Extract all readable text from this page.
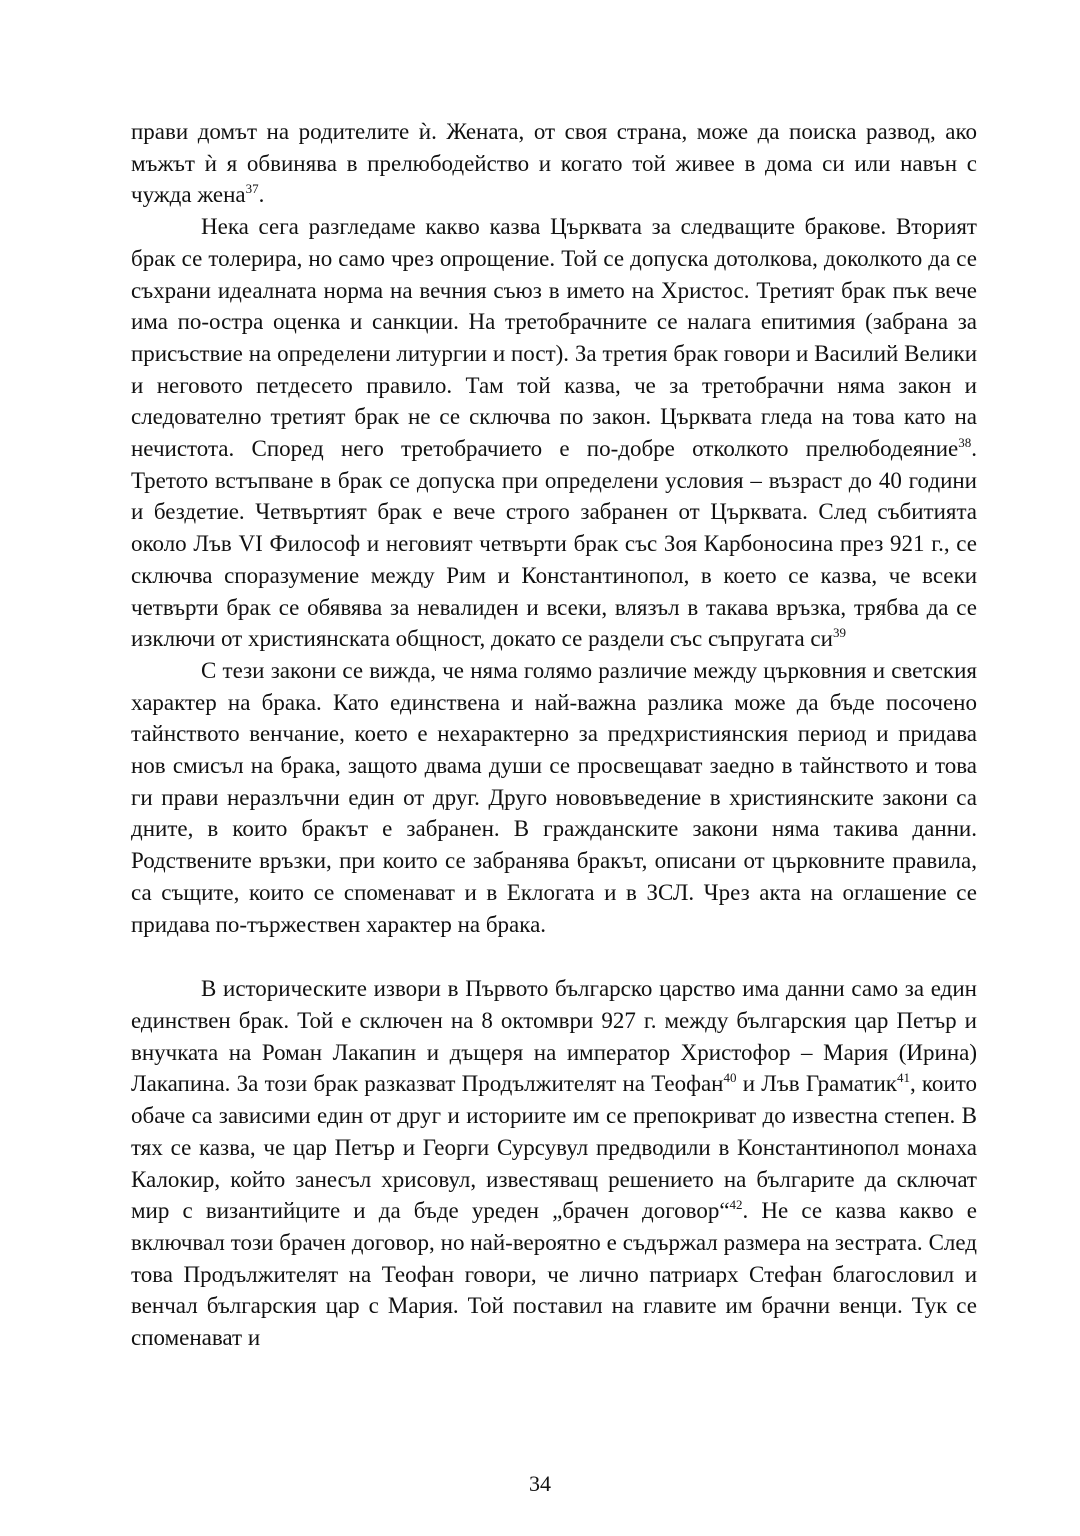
прави домът на родителите ѝ. Жената, от своя страна, може да поиска развод, ако мъжът ѝ я обвинява в прелюбодейство и когато той живее в дома си или навън с чужда жена$^{37}$.

Нека сега разгледаме какво казва Църквата за следващите бракове. Вторият брак се толерира, но само чрез опрощение. Той се допуска дотолкова, доколкото да се съхрани идеалната норма на вечния съюз в името на Христос. Третият брак пък вече има по-остра оценка и санкции. На третобрачните се налага епитимия (забрана за присъствие на определени литургии и пост). За третия брак говори и Василий Велики и неговото петдесето правило. Там той казва, че за третобрачни няма закон и следователно третият брак не се сключва по закон. Църквата гледа на това като на нечистота. Според него третобрачието е по-добре отколкото прелюбодеяние$^{38}$. Третото встъпване в брак се допуска при определени условия – възраст до 40 години и бездетие. Четвъртият брак е вече строго забранен от Църквата. След събитията около Лъв VI Философ и неговият четвърти брак със Зоя Карбоносина през 921 г., се сключва споразумение между Рим и Константинопол, в което се казва, че всеки четвърти брак се обявява за невалиден и всеки, влязъл в такава връзка, трябва да се изключи от християнската общност, докато се раздели със съпругата $си^{39}$

С тези закони се вижда, че няма голямо различие между църковния и светския характер на брака. Като единствена и най-важна разлика може да бъде посочено тайнството венчание, което е нехарактерно за предхристиянския период и придава нов смисъл на брака, защото двама души се просвещават заедно в тайнството и това ги прави неразлъчни един от друг. Друго нововъведение в християнските закони са дните, в които бракът е забранен. В гражданските закони няма такива данни. Родствените връзки, при които се забранява бракът, описани от църковните правила, са същите, които се споменават и в Еклогата и в ЗСЛ. Чрез акта на оглашение се придава по-тържествен характер на брака.

В историческите извори в Първото българско царство има данни само за един единствен брак. Той е сключен на 8 октомври 927 г. между българския цар Петър и внучката на Роман Лакапин и дъщеря на император Христофор – Мария (Ирина) Лакапина. За този брак разказват Продължителят на Теофан$^{40}$ и Лъв Граматик$^{41}$, които обаче са зависими един от друг и историите им се препокриват до известна степен. В тях се казва, че цар Петър и Георги Сурсувул предводили в Константинопол монаха Калокир, който занесъл хрисовул, известяващ решението на българите да сключат мир с византийците и да бъде уреден „брачен договор“$^{42}$. Не се казва какво е включвал този брачен договор, но най-вероятно е съдържал размера на зестрата. След това Продължителят на Теофан говори, че лично патриарх Стефан благословил и венчал българския цар с Мария. Той поставил на главите им брачни венци. Тук се споменават и

34
